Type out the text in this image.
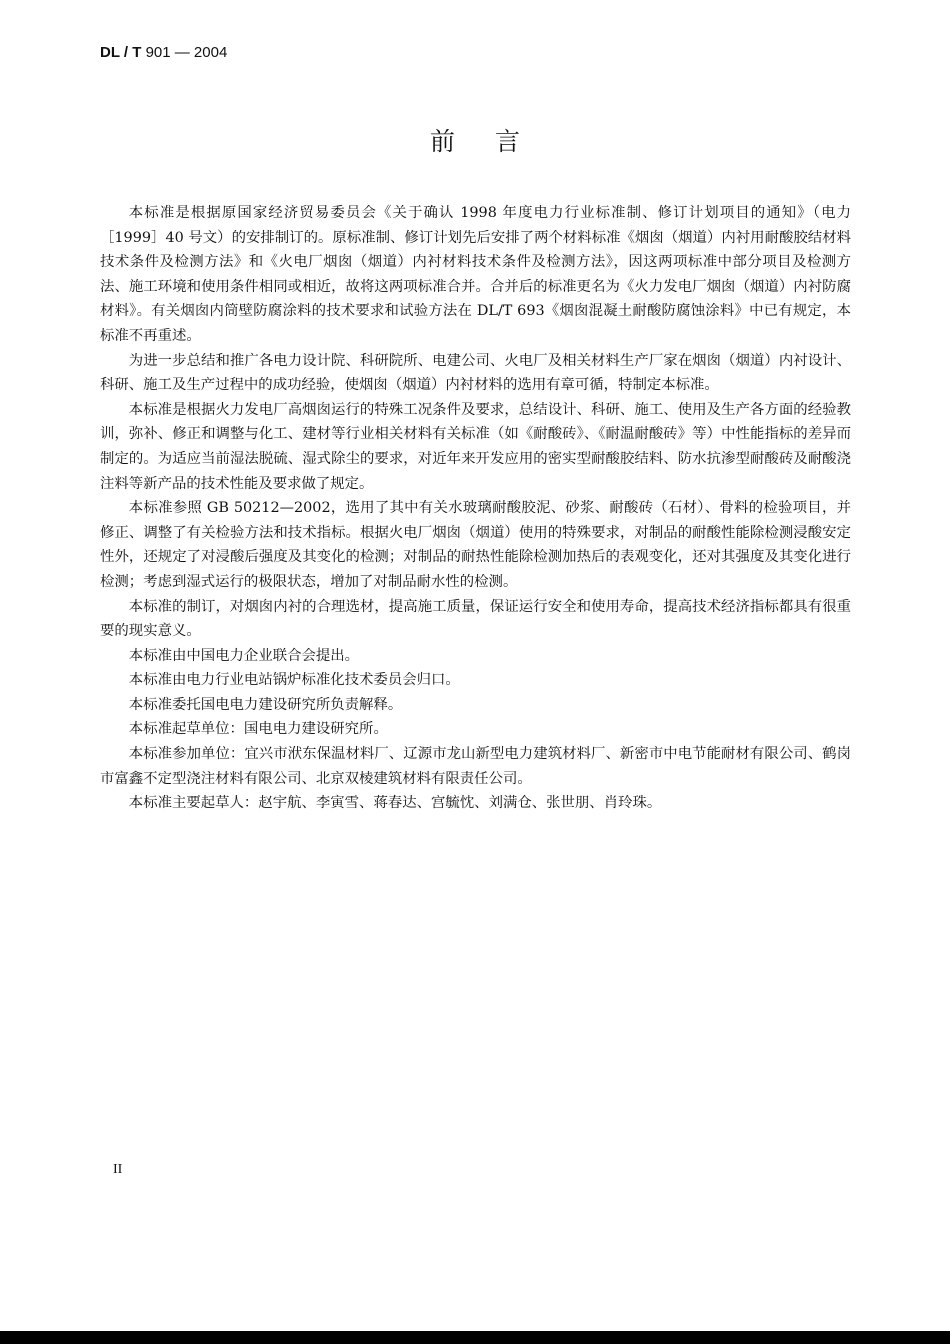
DL / T 901 — 2004
前言

本标准是根据原国家经济贸易委员会《关于确认 1998 年度电力行业标准制、修订计划项目的通知》（电力［1999］40 号文）的安排制订的。原标准制、修订计划先后安排了两个材料标准《烟囱（烟道）内衬用耐酸胶结材料技术条件及检测方法》和《火电厂烟囱（烟道）内衬材料技术条件及检测方法》，因这两项标准中部分项目及检测方法、施工环境和使用条件相同或相近，故将这两项标准合并。合并后的标准更名为《火力发电厂烟囱（烟道）内衬防腐材料》。有关烟囱内筒壁防腐涂料的技术要求和试验方法在 DL/T 693《烟囱混凝土耐酸防腐蚀涂料》中已有规定，本标准不再重述。

为进一步总结和推广各电力设计院、科研院所、电建公司、火电厂及相关材料生产厂家在烟囱（烟道）内衬设计、科研、施工及生产过程中的成功经验，使烟囱（烟道）内衬材料的选用有章可循，特制定本标准。

本标准是根据火力发电厂高烟囱运行的特殊工况条件及要求，总结设计、科研、施工、使用及生产各方面的经验教训，弥补、修正和调整与化工、建材等行业相关材料有关标准（如《耐酸砖》、《耐温耐酸砖》等）中性能指标的差异而制定的。为适应当前湿法脱硫、湿式除尘的要求，对近年来开发应用的密实型耐酸胶结料、防水抗渗型耐酸砖及耐酸浇注料等新产品的技术性能及要求做了规定。

本标准参照 GB 50212—2002，选用了其中有关水玻璃耐酸胶泥、砂浆、耐酸砖（石材）、骨料的检验项目，并修正、调整了有关检验方法和技术指标。根据火电厂烟囱（烟道）使用的特殊要求，对制品的耐酸性能除检测浸酸安定性外，还规定了对浸酸后强度及其变化的检测；对制品的耐热性能除检测加热后的表观变化，还对其强度及其变化进行检测；考虑到湿式运行的极限状态，增加了对制品耐水性的检测。

本标准的制订，对烟囱内衬的合理选材，提高施工质量，保证运行安全和使用寿命，提高技术经济指标都具有很重要的现实意义。

本标准由中国电力企业联合会提出。

本标准由电力行业电站锅炉标准化技术委员会归口。

本标准委托国电电力建设研究所负责解释。

本标准起草单位：国电电力建设研究所。

本标准参加单位：宜兴市洑东保温材料厂、辽源市龙山新型电力建筑材料厂、新密市中电节能耐材有限公司、鹤岗市富鑫不定型浇注材料有限公司、北京双棱建筑材料有限责任公司。

本标准主要起草人：赵宇航、李寅雪、蒋春达、宫毓忱、刘满仓、张世朋、肖玲珠。

II
